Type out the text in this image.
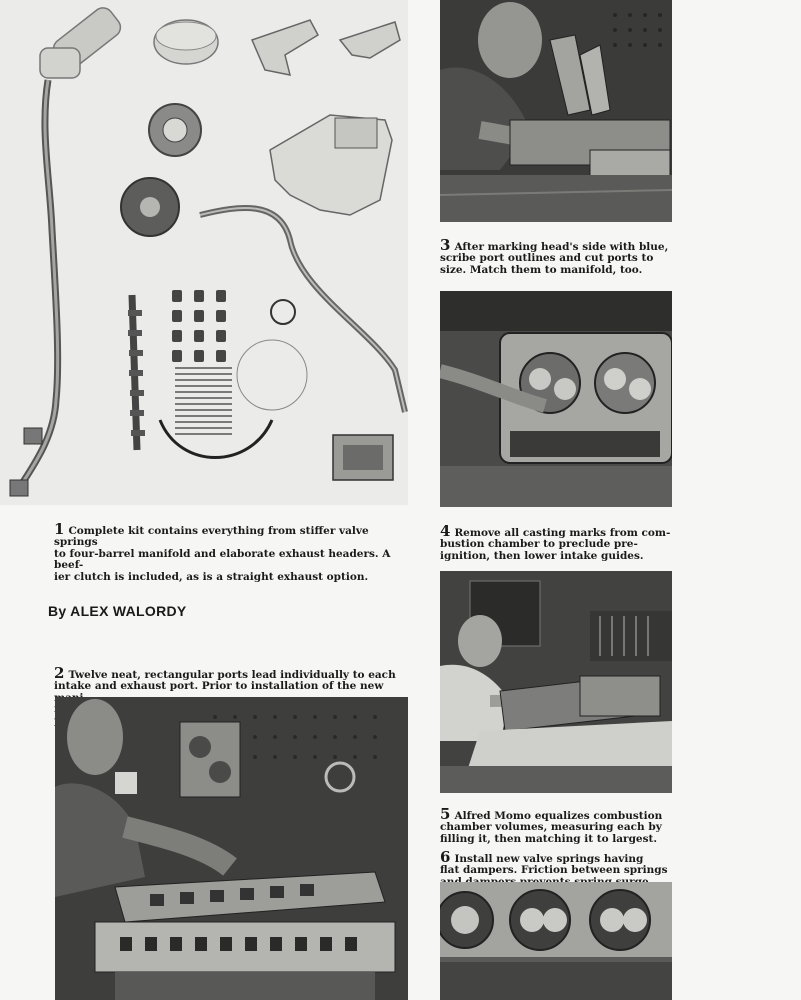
1 Complete kit contains everything from stiffer valve springs
to four-barrel manifold and elaborate exhaust headers. A beef-
ier clutch is included, as is a straight exhaust option.

By ALEX WALORDY

2 Twelve neat, rectangular ports lead individually to each
intake and exhaust port. Prior to installation of the new

3 After marking head's side with blue,
scribe port outlines and cut ports to
size. Match them to manifold, too.

4 Remove all casting marks from com-
bustion chamber to preclude pre-
ignition, then lower intake guides.

5 Alfred Momo equalizes combustion
chamber volumes, measuring each by
filling it, then matching it to largest.

6 Install new valve springs having
flat dampers. Friction between springs
